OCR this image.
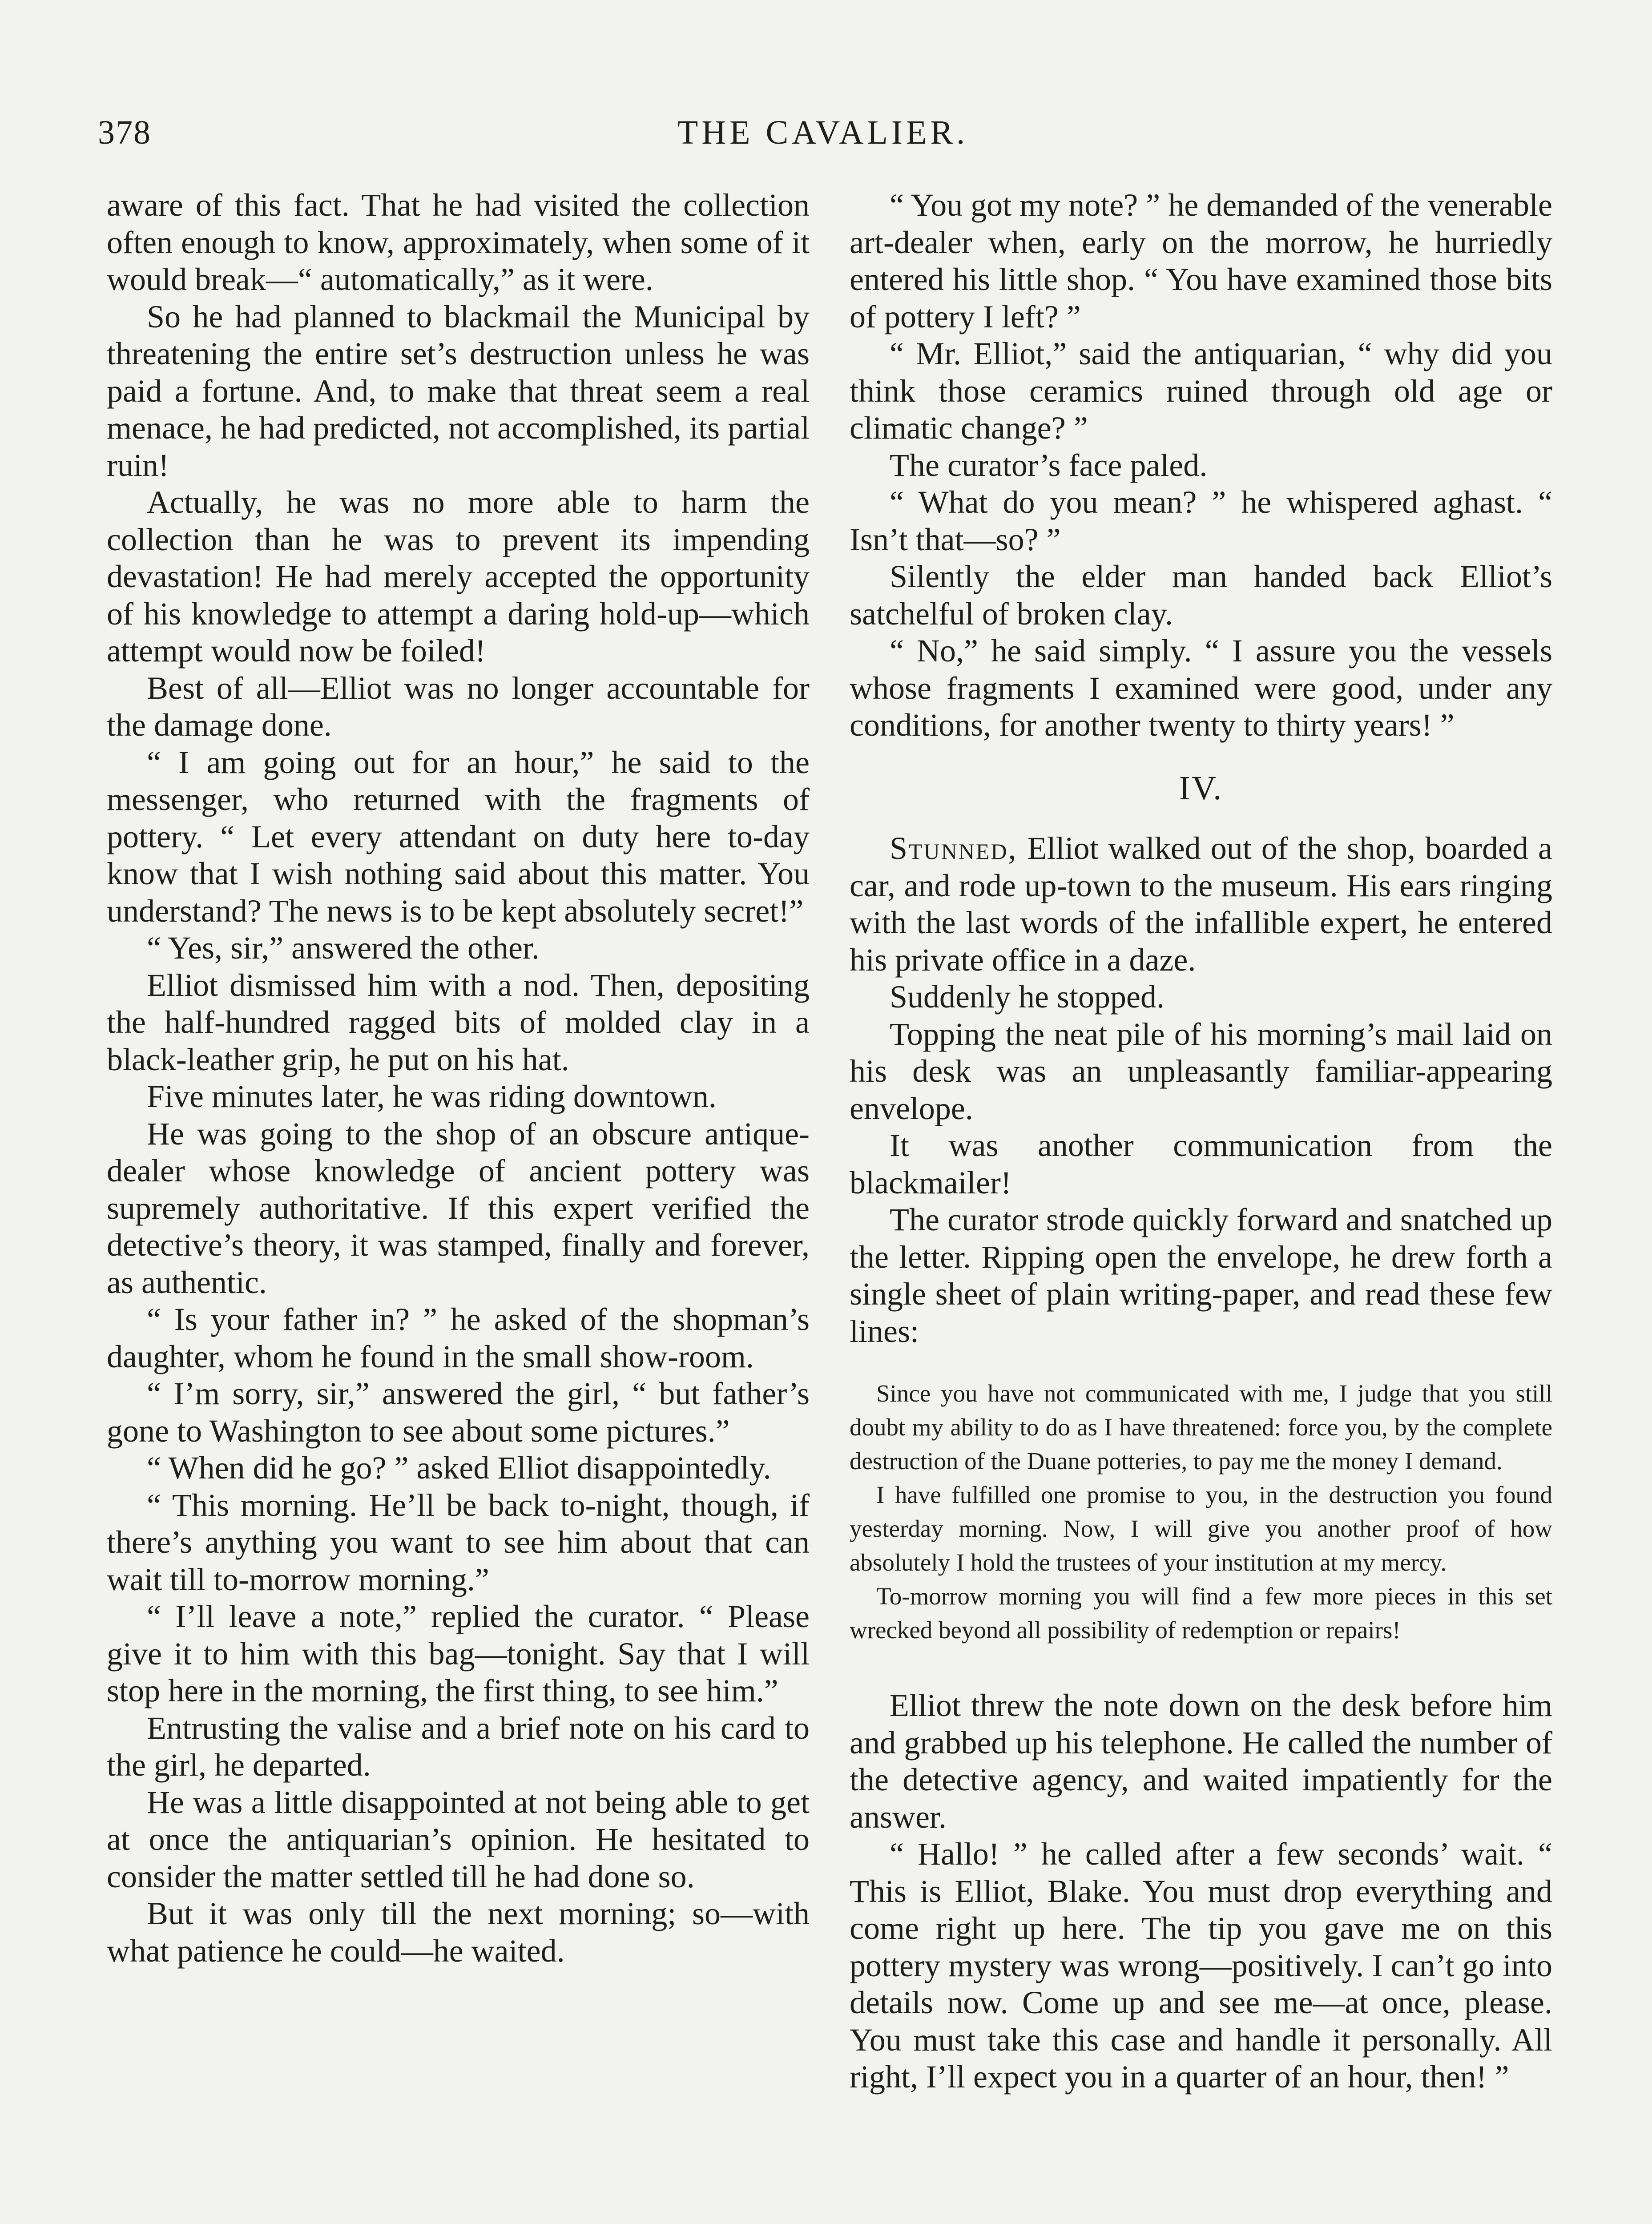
378	THE CAVALIER.

aware of this fact. That he had visited the collection often enough to know, approximately, when some of it would break—“ automatically,” as it were.

So he had planned to blackmail the Municipal by threatening the entire set’s destruction unless he was paid a fortune. And, to make that threat seem a real menace, he had predicted, not accomplished, its partial ruin!

Actually, he was no more able to harm the collection than he was to prevent its impending devastation! He had merely accepted the opportunity of his knowledge to attempt a daring hold-up—which attempt would now be foiled!

Best of all—Elliot was no longer accountable for the damage done.

“ I am going out for an hour,” he said to the messenger, who returned with the fragments of pottery. “ Let every attendant on duty here to-day know that I wish nothing said about this matter. You understand? The news is to be kept absolutely secret!”

“ Yes, sir,” answered the other.

Elliot dismissed him with a nod. Then, depositing the half-hundred ragged bits of molded clay in a black-leather grip, he put on his hat.

Five minutes later, he was riding downtown.

He was going to the shop of an obscure antique-dealer whose knowledge of ancient pottery was supremely authoritative. If this expert verified the detective’s theory, it was stamped, finally and forever, as authentic.

“ Is your father in? ” he asked of the shopman’s daughter, whom he found in the small show-room.

“ I’m sorry, sir,” answered the girl, “ but father’s gone to Washington to see about some pictures.”

“ When did he go? ” asked Elliot disappointedly.

“ This morning. He’ll be back to-night, though, if there’s anything you want to see him about that can wait till to-morrow morning.”

“ I’ll leave a note,” replied the curator. “ Please give it to him with this bag—tonight. Say that I will stop here in the morning, the first thing, to see him.”

Entrusting the valise and a brief note on his card to the girl, he departed.

He was a little disappointed at not being able to get at once the antiquarian’s opinion. He hesitated to consider the matter settled till he had done so.

But it was only till the next morning; so—with what patience he could—he waited.

“ You got my note? ” he demanded of the venerable art-dealer when, early on the morrow, he hurriedly entered his little shop. “ You have examined those bits of pottery I left? ”

“ Mr. Elliot,” said the antiquarian, “ why did you think those ceramics ruined through old age or climatic change? ”

The curator’s face paled.

“ What do you mean? ” he whispered aghast. “ Isn’t that—so? ”

Silently the elder man handed back Elliot’s satchelful of broken clay.

“ No,” he said simply. “ I assure you the vessels whose fragments I examined were good, under any conditions, for another twenty to thirty years! ”

IV.

Stunned, Elliot walked out of the shop, boarded a car, and rode up-town to the museum. His ears ringing with the last words of the infallible expert, he entered his private office in a daze.

Suddenly he stopped.

Topping the neat pile of his morning’s mail laid on his desk was an unpleasantly familiar-appearing envelope.

It was another communication from the blackmailer!

The curator strode quickly forward and snatched up the letter. Ripping open the envelope, he drew forth a single sheet of plain writing-paper, and read these few lines:

Since you have not communicated with me, I judge that you still doubt my ability to do as I have threatened: force you, by the complete destruction of the Duane potteries, to pay me the money I demand.

I have fulfilled one promise to you, in the destruction you found yesterday morning. Now, I will give you another proof of how absolutely I hold the trustees of your institution at my mercy.

To-morrow morning you will find a few more pieces in this set wrecked beyond all possibility of redemption or repairs!

Elliot threw the note down on the desk before him and grabbed up his telephone. He called the number of the detective agency, and waited impatiently for the answer.

“ Hallo! ” he called after a few seconds’ wait. “ This is Elliot, Blake. You must drop everything and come right up here. The tip you gave me on this pottery mystery was wrong—positively. I can’t go into details now. Come up and see me—at once, please. You must take this case and handle it personally. All right, I’ll expect you in a quarter of an hour, then! ”
